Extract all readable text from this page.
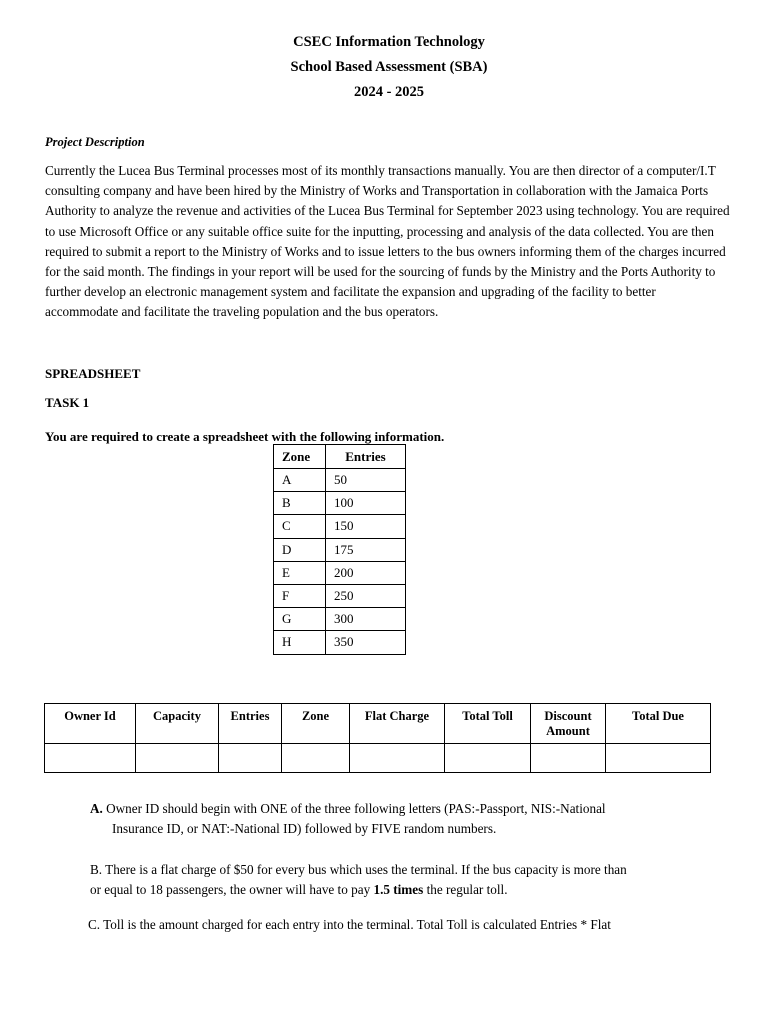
CSEC Information Technology
School Based Assessment (SBA)
2024 - 2025
Project Description
Currently the Lucea Bus Terminal processes most of its monthly transactions manually. You are then director of a computer/I.T consulting company and have been hired by the Ministry of Works and Transportation in collaboration with the Jamaica Ports Authority to analyze the revenue and activities of the Lucea Bus Terminal for September 2023 using technology. You are required to use Microsoft Office or any suitable office suite for the inputting, processing and analysis of the data collected. You are then required to submit a report to the Ministry of Works and to issue letters to the bus owners informing them of the charges incurred for the said month. The findings in your report will be used for the sourcing of funds by the Ministry and the Ports Authority to further develop an electronic management system and facilitate the expansion and upgrading of the facility to better accommodate and facilitate the traveling population and the bus operators.
SPREADSHEET
TASK 1
You are required to create a spreadsheet with the following information.
Zone	Entries
A	50
B	100
C	150
D	175
E	200
F	250
G	300
H	350
Owner Id	Capacity	Entries	Zone	Flat Charge	Total Toll	Discount Amount	Total Due

A. Owner ID should begin with ONE of the three following letters (PAS:-Passport, NIS:-National
Insurance ID, or NAT:-National ID) followed by FIVE random numbers.
B. There is a flat charge of $50 for every bus which uses the terminal. If the bus capacity is more than
or equal to 18 passengers, the owner will have to pay 1.5 times the regular toll.
C. Toll is the amount charged for each entry into the terminal. Total Toll is calculated Entries * Flat
